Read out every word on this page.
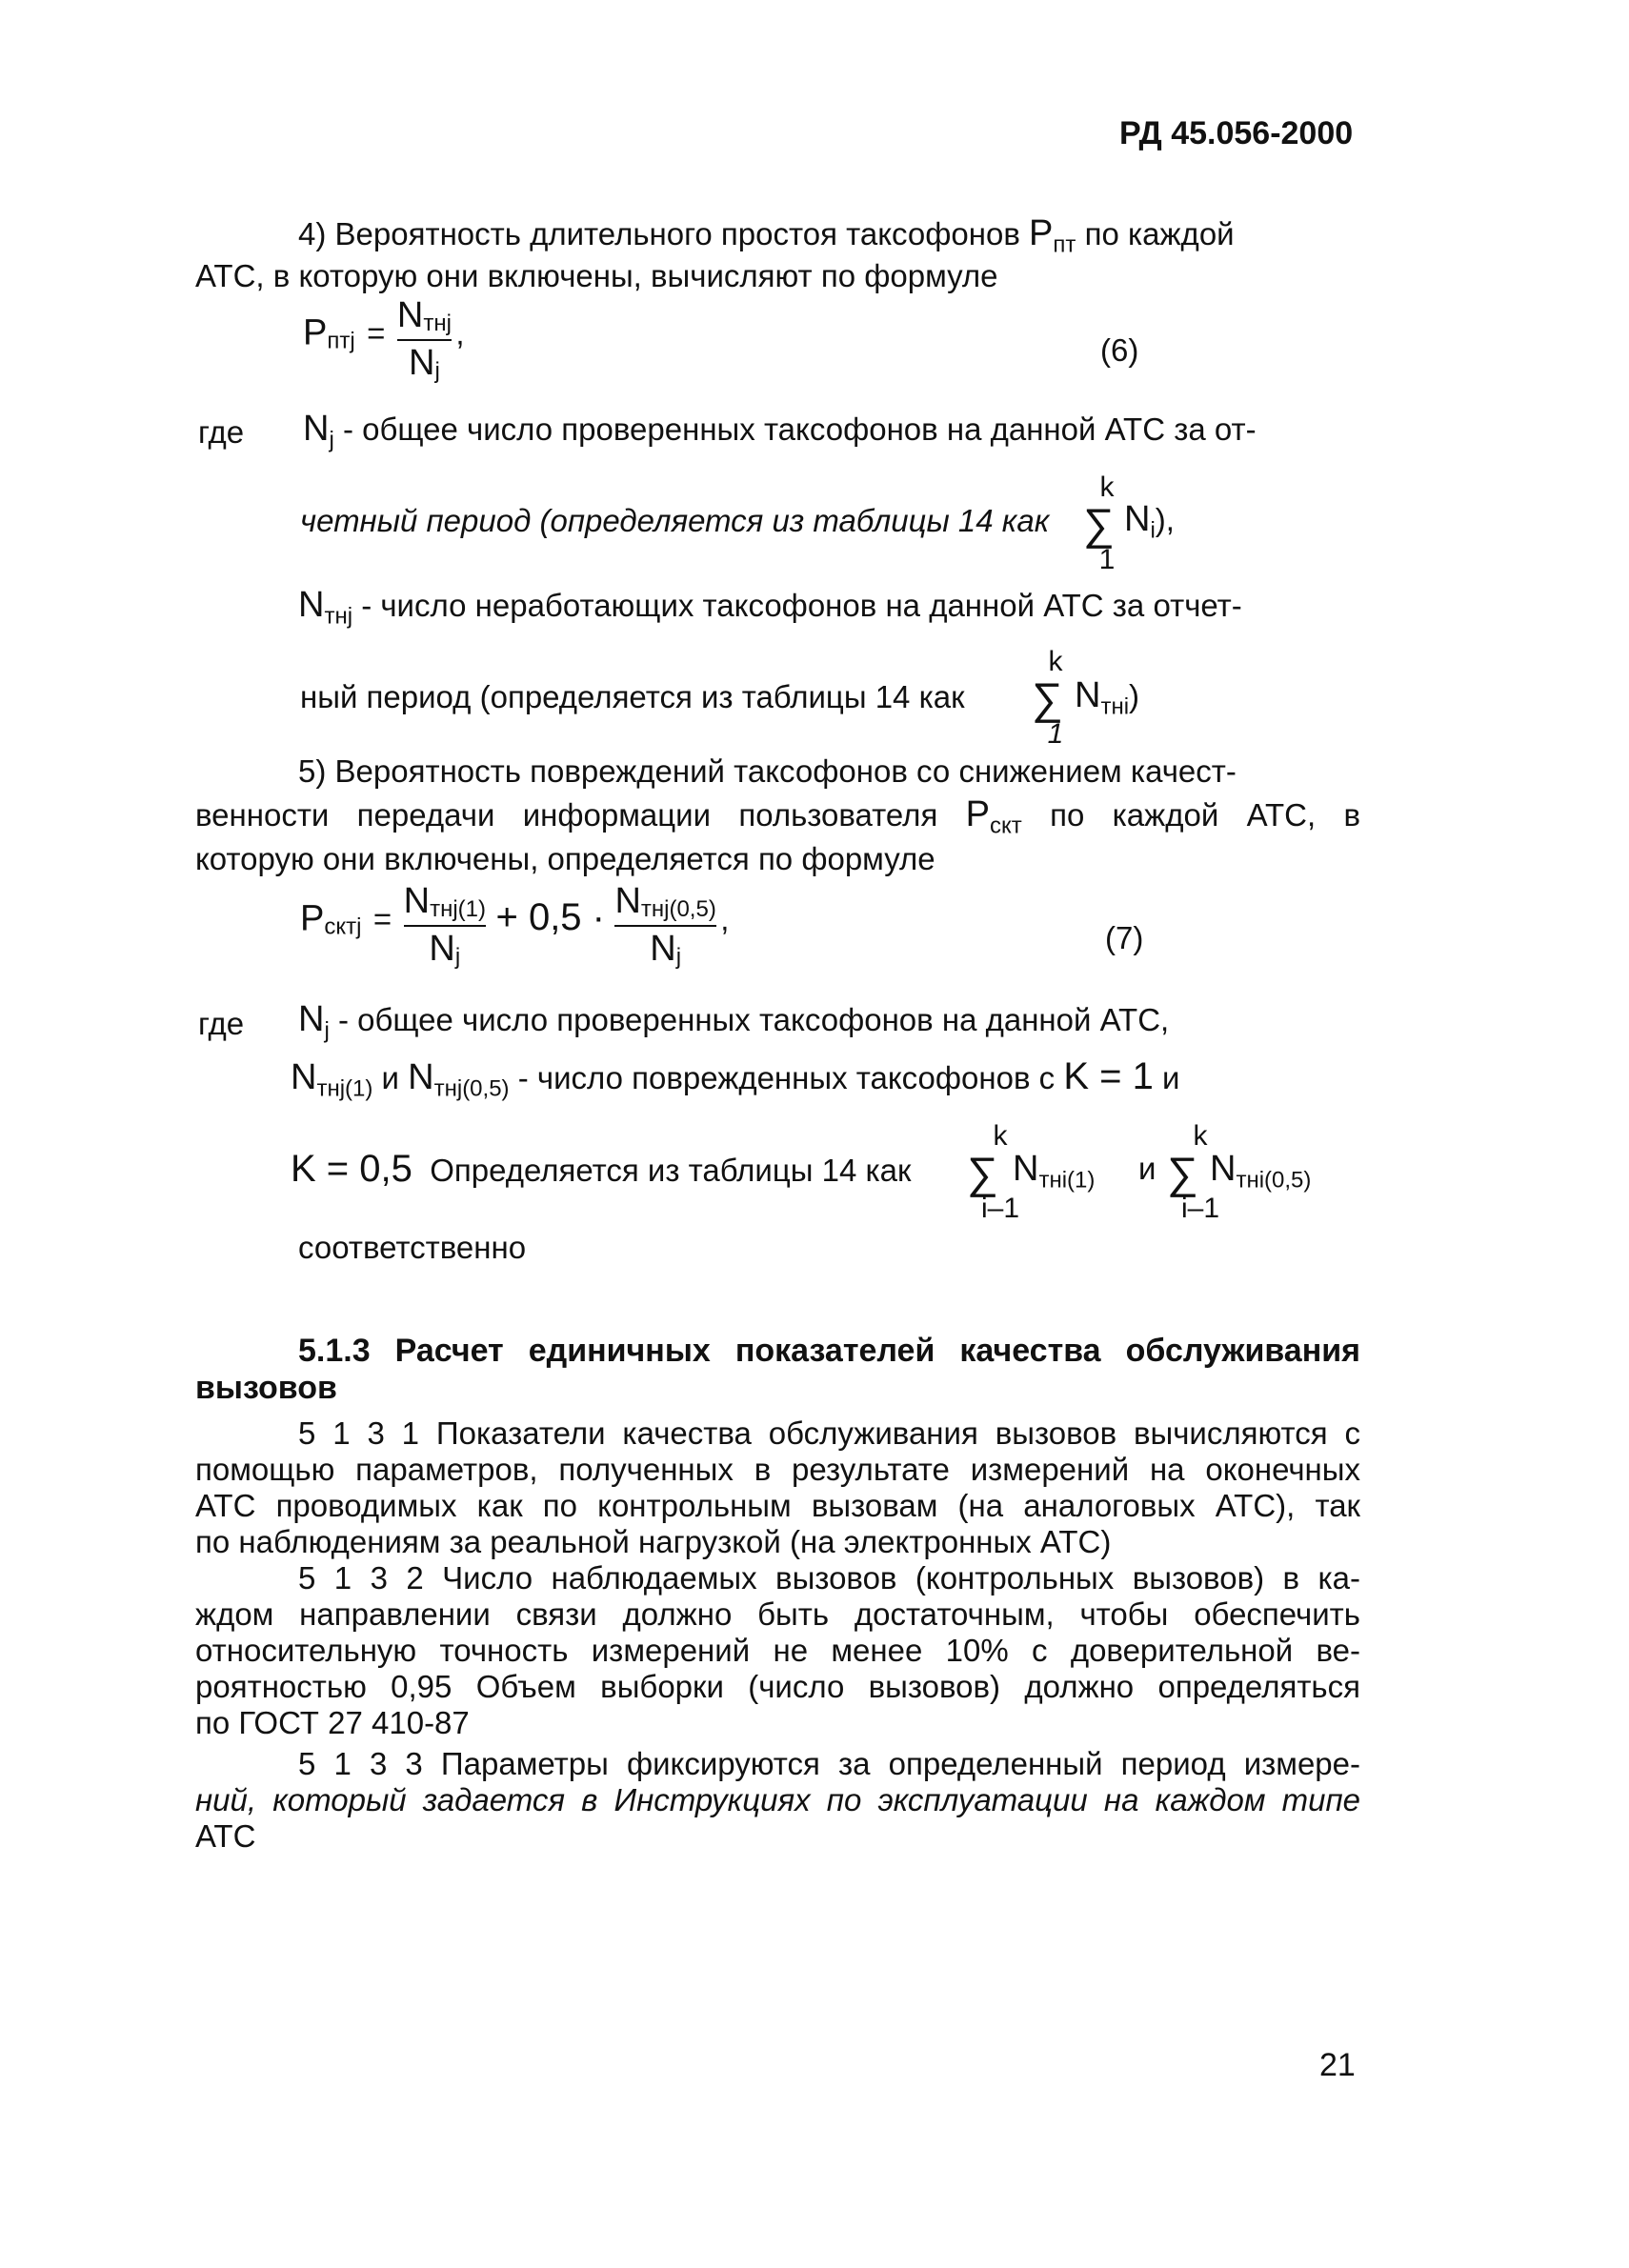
РД 45.056-2000
4) Вероятность длительного простоя таксофонов $P_{пт}$ по каждой
АТС, в которую они включены, вычисляют по формуле
$P_{птj} = \frac{N_{тнj}}{N_j}$ ,	(6)
где $N_j$ - общее число проверенных таксофонов на данной АТС за от-
четный период (определяется из таблицы 14 как
k
∑
1
$N_i$),
$N_{тнj}$ - число неработающих таксофонов на данной АТС за отчет-
ный период (определяется из таблицы 14 как
k
∑
1
$N_{тнi}$)
5) Вероятность повреждений таксофонов со снижением качест-
венности передачи информации пользователя $P_{скт}$ по каждой АТС, в
которую они включены, определяется по формуле
$P_{сктj} = \frac{N_{тнj(1)}}{N_j} + 0,5 \cdot \frac{N_{тнj(0,5)}}{N_j}$ ,
(7)
где $N_j$ - общее число проверенных таксофонов на данной АТС,
$N_{тнj(1)}$ и $N_{тнj(0,5)}$ - число поврежденных таксофонов с K = 1 и
K = 0,5 Определяется из таблицы 14 как
k
∑
i–1
$N_{тнi(1)}$ и
k
∑
i–1
$N_{тнi(0,5)}$
соответственно
5.1.3 Расчет единичных показателей качества обслуживания
вызовов
5 1 3 1 Показатели качества обслуживания вызовов вычисляются с
помощью параметров, полученных в результате измерений на оконечных
АТС проводимых как по контрольным вызовам (на аналоговых АТС), так
по наблюдениям за реальной нагрузкой (на электронных АТС)
5 1 3 2 Число наблюдаемых вызовов (контрольных вызовов) в ка-
ждом направлении связи должно быть достаточным, чтобы обеспечить
относительную точность измерений не менее 10% с доверительной ве-
роятностью 0,95 Объем выборки (число вызовов) должно определяться
по ГОСТ 27 410-87
5 1 3 3 Параметры фиксируются за определенный период измере-
ний, который задается в Инструкциях по эксплуатации на каждом типе
АТС
21
